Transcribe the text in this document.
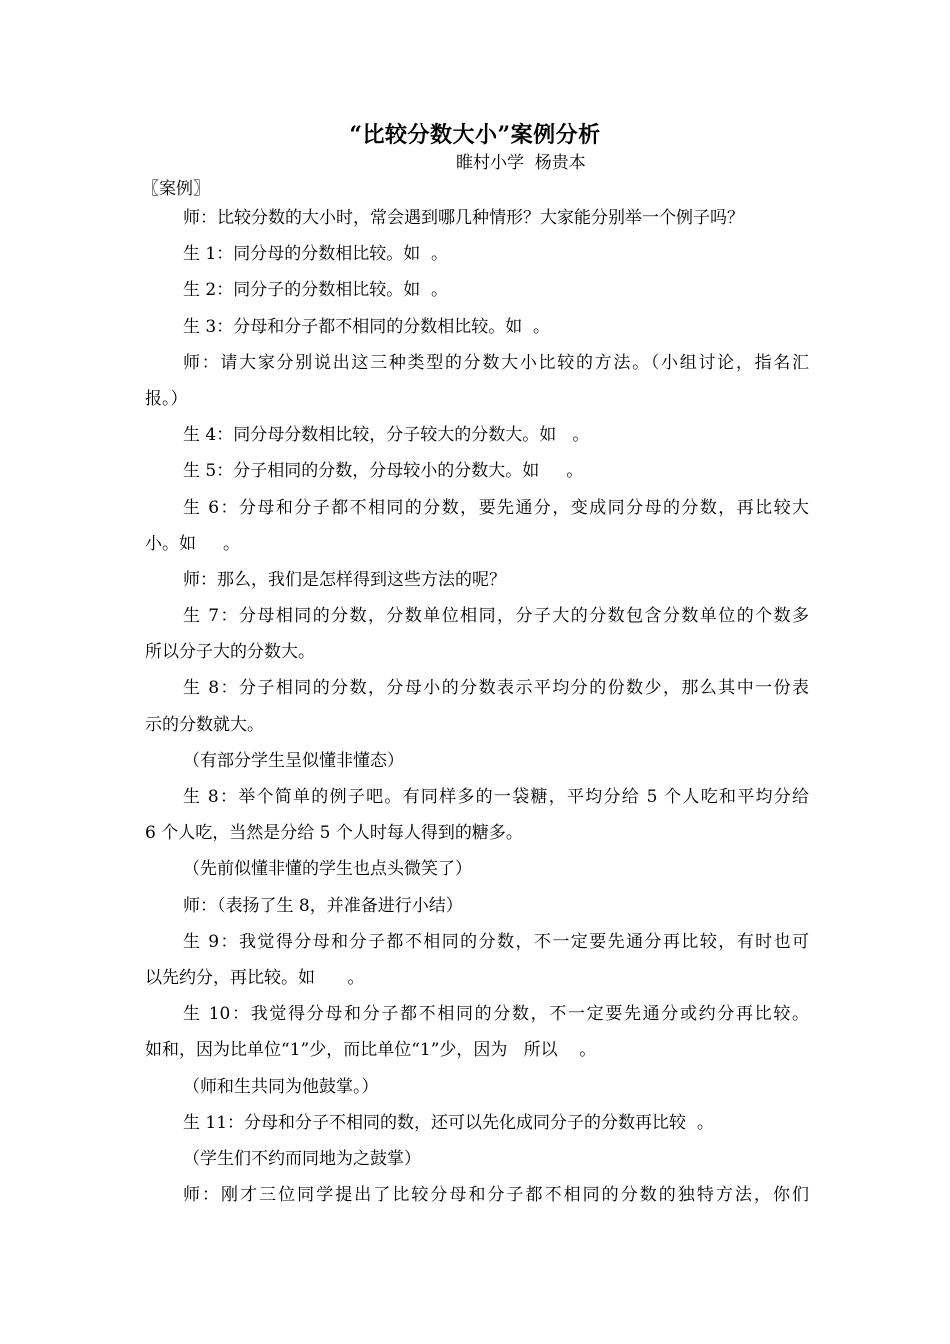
“比较分数大小”案例分析
睢村小学  杨贵本
〖案例〗
师：比较分数的大小时，常会遇到哪几种情形？大家能分别举一个例子吗？
生 1：同分母的分数相比较。如  。
生 2：同分子的分数相比较。如  。
生 3：分母和分子都不相同的分数相比较。如  。
师：请大家分别说出这三种类型的分数大小比较的方法。（小组讨论，指名汇
报。）
生 4：同分母分数相比较，分子较大的分数大。如   。
生 5：分子相同的分数，分母较小的分数大。如     。
生 6：分母和分子都不相同的分数，要先通分，变成同分母的分数，再比较大
小。如     。
师：那么，我们是怎样得到这些方法的呢？
生 7：分母相同的分数，分数单位相同，分子大的分数包含分数单位的个数多
所以分子大的分数大。
生 8：分子相同的分数，分母小的分数表示平均分的份数少，那么其中一份表
示的分数就大。
（有部分学生呈似懂非懂态）
生 8：举个简单的例子吧。有同样多的一袋糖，平均分给 5 个人吃和平均分给
6 个人吃，当然是分给 5 个人时每人得到的糖多。
（先前似懂非懂的学生也点头微笑了）
师：（表扬了生 8，并准备进行小结）
生 9：我觉得分母和分子都不相同的分数，不一定要先通分再比较，有时也可
以先约分，再比较。如      。
生 10：我觉得分母和分子都不相同的分数，不一定要先通分或约分再比较。
如和，因为比单位“1”少，而比单位“1”少，因为   所以    。
（师和生共同为他鼓掌。）
生 11：分母和分子不相同的数，还可以先化成同分子的分数再比较  。
（学生们不约而同地为之鼓掌）
师：刚才三位同学提出了比较分母和分子都不相同的分数的独特方法，你们
